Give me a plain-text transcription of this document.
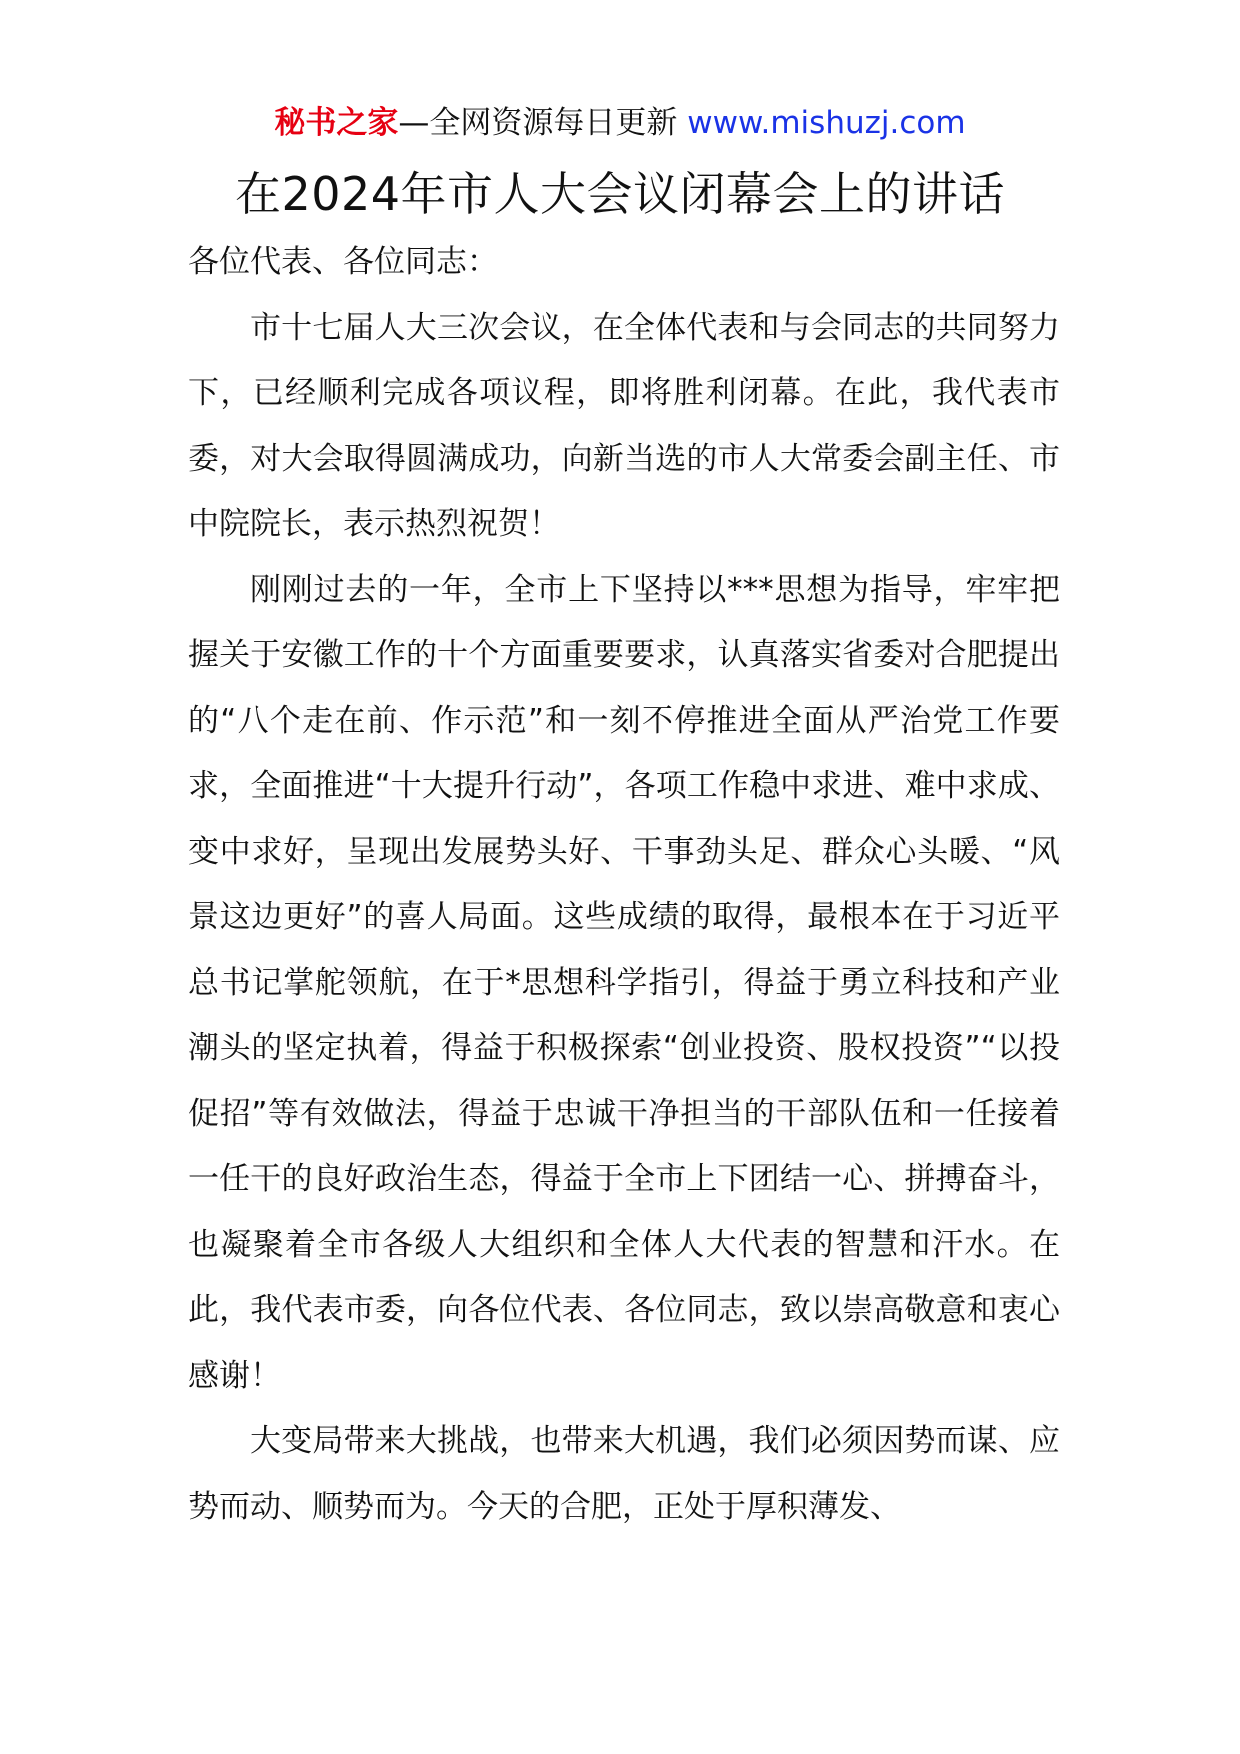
秘书之家—全网资源每日更新 www.mishuzj.com
在2024年市人大会议闭幕会上的讲话

各位代表、各位同志：

市十七届人大三次会议，在全体代表和与会同志的共同努力下，已经顺利完成各项议程，即将胜利闭幕。在此，我代表市委，对大会取得圆满成功，向新当选的市人大常委会副主任、市中院院长，表示热烈祝贺！

刚刚过去的一年，全市上下坚持以***思想为指导，牢牢把握关于安徽工作的十个方面重要要求，认真落实省委对合肥提出的“八个走在前、作示范”和一刻不停推进全面从严治党工作要求，全面推进“十大提升行动”，各项工作稳中求进、难中求成、变中求好，呈现出发展势头好、干事劲头足、群众心头暖、“风景这边更好”的喜人局面。这些成绩的取得，最根本在于习近平总书记掌舵领航，在于*思想科学指引，得益于勇立科技和产业潮头的坚定执着，得益于积极探索“创业投资、股权投资”“以投促招”等有效做法，得益于忠诚干净担当的干部队伍和一任接着一任干的良好政治生态，得益于全市上下团结一心、拼搏奋斗，也凝聚着全市各级人大组织和全体人大代表的智慧和汗水。在此，我代表市委，向各位代表、各位同志，致以崇高敬意和衷心感谢！

大变局带来大挑战，也带来大机遇，我们必须因势而谋、应势而动、顺势而为。今天的合肥，正处于厚积薄发、
